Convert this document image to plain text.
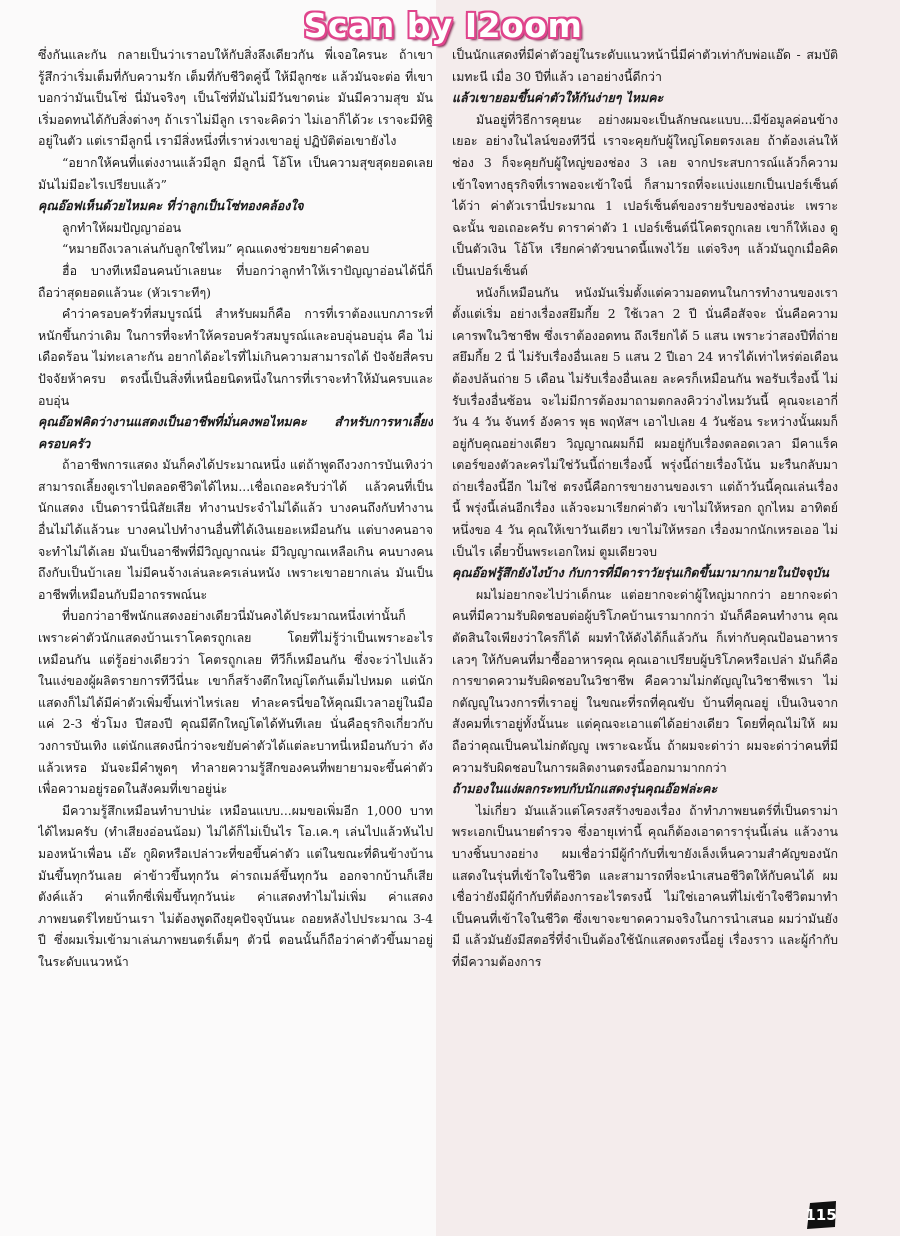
ซึ่งกันและกัน กลายเป็นว่าเราอบให้กับสิ่งลึงเดียวกัน พี่เจอใครนะ ถ้าเขารู้สึกว่าเริ่มเต็มที่กับความรัก เต็มที่กับชีวิตคู่นี้ ให้มีลูกซะ แล้วมันจะต่อ ที่เขาบอกว่ามันเป็นโซ่ นี่มันจริงๆ เป็นโซ่ที่มันไม่มีวันขาดน่ะ มันมีความสุข มันเริ่มอดทนได้กับสิ่งต่างๆ ถ้าเราไม่มีลูก เราจะคิดว่า ไม่เอาก็ได้วะ เราจะมีทิฐิอยู่ในตัว แต่เรามีลูกนี่ เรามีสิ่งหนึ่งที่เราห่วงเขาอยู่ ปฏิบัติต่อเขายังไง

“อยากให้คนที่แต่งงานแล้วมีลูก มีลูกนี่ โอ้โห เป็นความสุขสุดยอดเลย มันไม่มีอะไรเปรียบแล้ว”

คุณอ๊อฟเห็นด้วยไหมคะ ที่ว่าลูกเป็นโซ่ทองคล้องใจ

ลูกทำให้ผมปัญญาอ่อน

“หมายถึงเวลาเล่นกับลูกใช่ไหม” คุณแดงช่วยขยายคำตอบ

ฮื่อ บางทีเหมือนคนบ้าเลยนะ ที่บอกว่าลูกทำให้เราปัญญาอ่อนได้นี่ก็ถือว่าสุดยอดแล้วนะ (หัวเราะทีๆ)

คำว่าครอบครัวที่สมบูรณ์นี่ สำหรับผมก็คือ การที่เราต้องแบกภาระที่หนักขึ้นกว่าเดิม ในการที่จะทำให้ครอบครัวสมบูรณ์และอบอุ่นอบอุ่น คือ ไม่เดือดร้อน ไม่ทะเลาะกัน อยากได้อะไรที่ไม่เกินความสามารถได้ ปัจจัยสี่ครบ ปัจจัยห้าครบ ตรงนี้เป็นสิ่งที่เหนื่อยนิดหนึ่งในการที่เราจะทำให้มันครบและอบอุ่น

คุณอ๊อฟคิดว่างานแสดงเป็นอาชีพที่มั่นคงพอไหมคะ สำหรับการหาเลี้ยงครอบครัว

ถ้าอาชีพการแสดง มันก็คงได้ประมาณหนึ่ง แต่ถ้าพูดถึงวงการบันเทิงว่าสามารถเลี้ยงดูเราไปตลอดชีวิตได้ไหม...เชื่อเถอะครับว่าได้ แล้วคนที่เป็นนักแสดง เป็นดารานี่นิสัยเสีย ทำงานประจำไม่ได้แล้ว บางคนถึงกับทำงานอื่นไม่ได้แล้วนะ บางคนไปทำงานอื่นที่ได้เงินเยอะเหมือนกัน แต่บางคนอาจจะทำไม่ได้เลย มันเป็นอาชีพที่มีวิญญาณน่ะ มีวิญญาณเหลือเกิน คนบางคนถึงกับเป็นบ้าเลย ไม่มีคนจ้างเล่นละครเล่นหนัง เพราะเขาอยากเล่น มันเป็นอาชีพที่เหมือนกับมีอาถรรพณ์นะ

ที่บอกว่าอาชีพนักแสดงอย่างเดียวนี่มันคงได้ประมาณหนึ่งเท่านั้นก็เพราะค่าตัวนักแสดงบ้านเราโคตรถูกเลย โดยที่ไม่รู้ว่าเป็นเพราะอะไรเหมือนกัน แต่รู้อย่างเดียวว่า โคตรถูกเลย ทีวีก็เหมือนกัน ซึ่งจะว่าไปแล้ว ในแง่ของผู้ผลิตรายการทีวีนี่นะ เขาก็สร้างตึกใหญ่โตกันเต็มไปหมด แต่นักแสดงก็ไม่ได้มีค่าตัวเพิ่มขึ้นเท่าไหร่เลย ทำละครนี่ขอให้คุณมีเวลาอยู่ในมือแค่ 2-3 ชั่วโมง ปีสองปี คุณมีตึกใหญ่โตได้ทันทีเลย นั่นคือธุรกิจเกี่ยวกับวงการบันเทิง แต่นักแสดงนี่กว่าจะขยับค่าตัวได้แต่ละบาทนี่เหมือนกับว่า ดังแล้วเหรอ มันจะมีคำพูดๆ ทำลายความรู้สึกของคนที่พยายามจะขึ้นค่าตัวเพื่อความอยู่รอดในสังคมที่เขาอยู่น่ะ

มีความรู้สึกเหมือนทำบาปน่ะ เหมือนแบบ...ผมขอเพิ่มอีก 1,000 บาท ได้ไหมครับ (ทำเสียงอ่อนน้อม) ไม่ได้ก็ไม่เป็นไร โอ.เค.ๆ เล่นไปแล้วหันไปมองหน้าเพื่อน เอ๊ะ กูผิดหรือเปล่าวะที่ขอขึ้นค่าตัว แต่ในขณะที่ดินข้างบ้านมันขึ้นทุกวันเลย ค่าข้าวขึ้นทุกวัน ค่ารถเมล์ขึ้นทุกวัน ออกจากบ้านก็เสียตังค์แล้ว ค่าแท็กซี่เพิ่มขึ้นทุกวันน่ะ ค่าแสดงทำไมไม่เพิ่ม ค่าแสดงภาพยนตร์ไทยบ้านเรา ไม่ต้องพูดถึงยุคปัจจุบันนะ ถอยหลังไปประมาณ 3-4 ปี ซึ่งผมเริ่มเข้ามาเล่นภาพยนตร์เต็มๆ ตัวนี่ ตอนนั้นก็ถือว่าค่าตัวขึ้นมาอยู่ในระดับแนวหน้า

เป็นนักแสดงที่มีค่าตัวอยู่ในระดับแนวหน้านี่มีค่าตัวเท่ากับพ่อแอ๊ด - สมบัติ เมทะนี เมื่อ 30 ปีที่แล้ว เอาอย่างนี้ดีกว่า

แล้วเขายอมขึ้นค่าตัวให้กันง่ายๆ ไหมคะ

มันอยู่ที่วิธีการคุยนะ อย่างผมจะเป็นลักษณะแบบ...มีข้อมูลค่อนข้างเยอะ อย่างในไลน์ของทีวีนี่ เราจะคุยกับผู้ใหญ่โดยตรงเลย ถ้าต้องเล่นให้ช่อง 3 ก็จะคุยกับผู้ใหญ่ของช่อง 3 เลย จากประสบการณ์แล้วก็ความเข้าใจทางธุรกิจที่เราพอจะเข้าใจนี่ ก็สามารถที่จะแบ่งแยกเป็นเปอร์เซ็นต์ได้ว่า ค่าตัวเรานี่ประมาณ 1 เปอร์เซ็นต์ของรายรับของช่องน่ะ เพราะฉะนั้น ขอเถอะครับ ดาราค่าตัว 1 เปอร์เซ็นต์นี่โคตรถูกเลย เขาก็ให้เอง ดูเป็นตัวเงิน โอ้โห เรียกค่าตัวขนาดนี้แพงไว้ย แต่จริงๆ แล้วมันถูกเมื่อคิดเป็นเปอร์เซ็นต์

หนังก็เหมือนกัน หนังมันเริ่มตั้งแต่ความอดทนในการทำงานของเราตั้งแต่เริ่ม อย่างเรื่องสยึมกี้ย 2 ใช้เวลา 2 ปี นั่นคือสัจจะ นั่นคือความเคารพในวิชาชีพ ซึ่งเราต้องอดทน ถึงเรียกได้ 5 แสน เพราะว่าสองปีที่ถ่ายสยึมกี้ย 2 นี่ ไม่รับเรื่องอื่นเลย 5 แสน 2 ปีเอา 24 หารได้เท่าไหร่ต่อเดือน ต้องปล้นถ่าย 5 เดือน ไม่รับเรื่องอื่นเลย ละครก็เหมือนกัน พอรับเรื่องนี้ ไม่รับเรื่องอื่นซ้อน จะไม่มีการต้องมาถามตกลงคิวว่างไหมวันนี้ คุณจะเอากี่วัน 4 วัน จันทร์ อังคาร พุธ พฤหัสฯ เอาไปเลย 4 วันซ้อน ระหว่างนั้นผมก็อยู่กับคุณอย่างเดียว วิญญาณผมก็มี ผมอยู่กับเรื่องตลอดเวลา มีคาแร็คเตอร์ของตัวละครไม่ใช่วันนี้ถ่ายเรื่องนี้ พรุ่งนี้ถ่ายเรื่องโน้น มะรืนกลับมาถ่ายเรื่องนี้อีก ไม่ใช่ ตรงนี้คือการขายงานของเรา แต่ถ้าวันนี้คุณเล่นเรื่องนี้ พรุ่งนี้เล่นอีกเรื่อง แล้วจะมาเรียกค่าตัว เขาไม่ให้หรอก ถูกไหม อาทิตย์หนึ่งขอ 4 วัน คุณให้เขาวันเดียว เขาไม่ให้หรอก เรื่องมากนักเหรอเออ ไม่เป็นไร เดี๋ยวปั้นพระเอกใหม่ ตูมเดียวจบ

คุณอ๊อฟรู้สึกยังไงบ้าง กับการที่มีดาราวัยรุ่นเกิดขึ้นมามากมายในปัจจุบัน

ผมไม่อยากจะไปว่าเด็กนะ แต่อยากจะด่าผู้ใหญ่มากกว่า อยากจะด่าคนที่มีความรับผิดชอบต่อผู้บริโภคบ้านเรามากกว่า มันก็คือคนทำงาน คุณตัดสินใจเพียงว่าใครก็ได้ ผมทำให้ดังได้ก็แล้วกัน ก็เท่ากับคุณป้อนอาหารเลวๆ ให้กับคนที่มาซื้ออาหารคุณ คุณเอาเปรียบผู้บริโภคหรือเปล่า มันก็คือการขาดความรับผิดชอบในวิชาชีพ คือความไม่กตัญญูในวิชาชีพเรา ไม่กตัญญูในวงการที่เราอยู่ ในขณะที่รถที่คุณขับ บ้านที่คุณอยู่ เป็นเงินจากสังคมที่เราอยู่ทั้งนั้นนะ แต่คุณจะเอาแต่ได้อย่างเดียว โดยที่คุณไม่ให้ ผมถือว่าคุณเป็นคนไม่กตัญญู เพราะฉะนั้น ถ้าผมจะด่าว่า ผมจะด่าว่าคนที่มีความรับผิดชอบในการผลิตงานตรงนี้ออกมามากกว่า

ถ้ามองในแง่ผลกระทบกับนักแสดงรุ่นคุณอ๊อฟล่ะคะ

ไม่เกี่ยว มันแล้วแต่โครงสร้างของเรื่อง ถ้าทำภาพยนตร์ที่เป็นดราม่า พระเอกเป็นนายตำรวจ ซึ่งอายุเท่านี้ คุณก็ต้องเอาดารารุ่นนี้เล่น แล้วงานบางชิ้นบางอย่าง ผมเชื่อว่ามีผู้กำกับที่เขายังเล็งเห็นความสำคัญของนักแสดงในรุ่นที่เข้าใจในชีวิต และสามารถที่จะนำเสนอชีวิตให้กับคนได้ ผมเชื่อว่ายังมีผู้กำกับที่ต้องการอะไรตรงนี้ ไม่ใช่เอาคนที่ไม่เข้าใจชีวิตมาทำเป็นคนที่เข้าใจในชีวิต ซึ่งเขาจะขาดความจริงในการนำเสนอ ผมว่ามันยังมี แล้วมันยังมีสตอรี่ที่จำเป็นต้องใช้นักแสดงตรงนี้อยู่ เรื่องราว และผู้กำกับที่มีความต้องการ

Scan by I2oom
115
